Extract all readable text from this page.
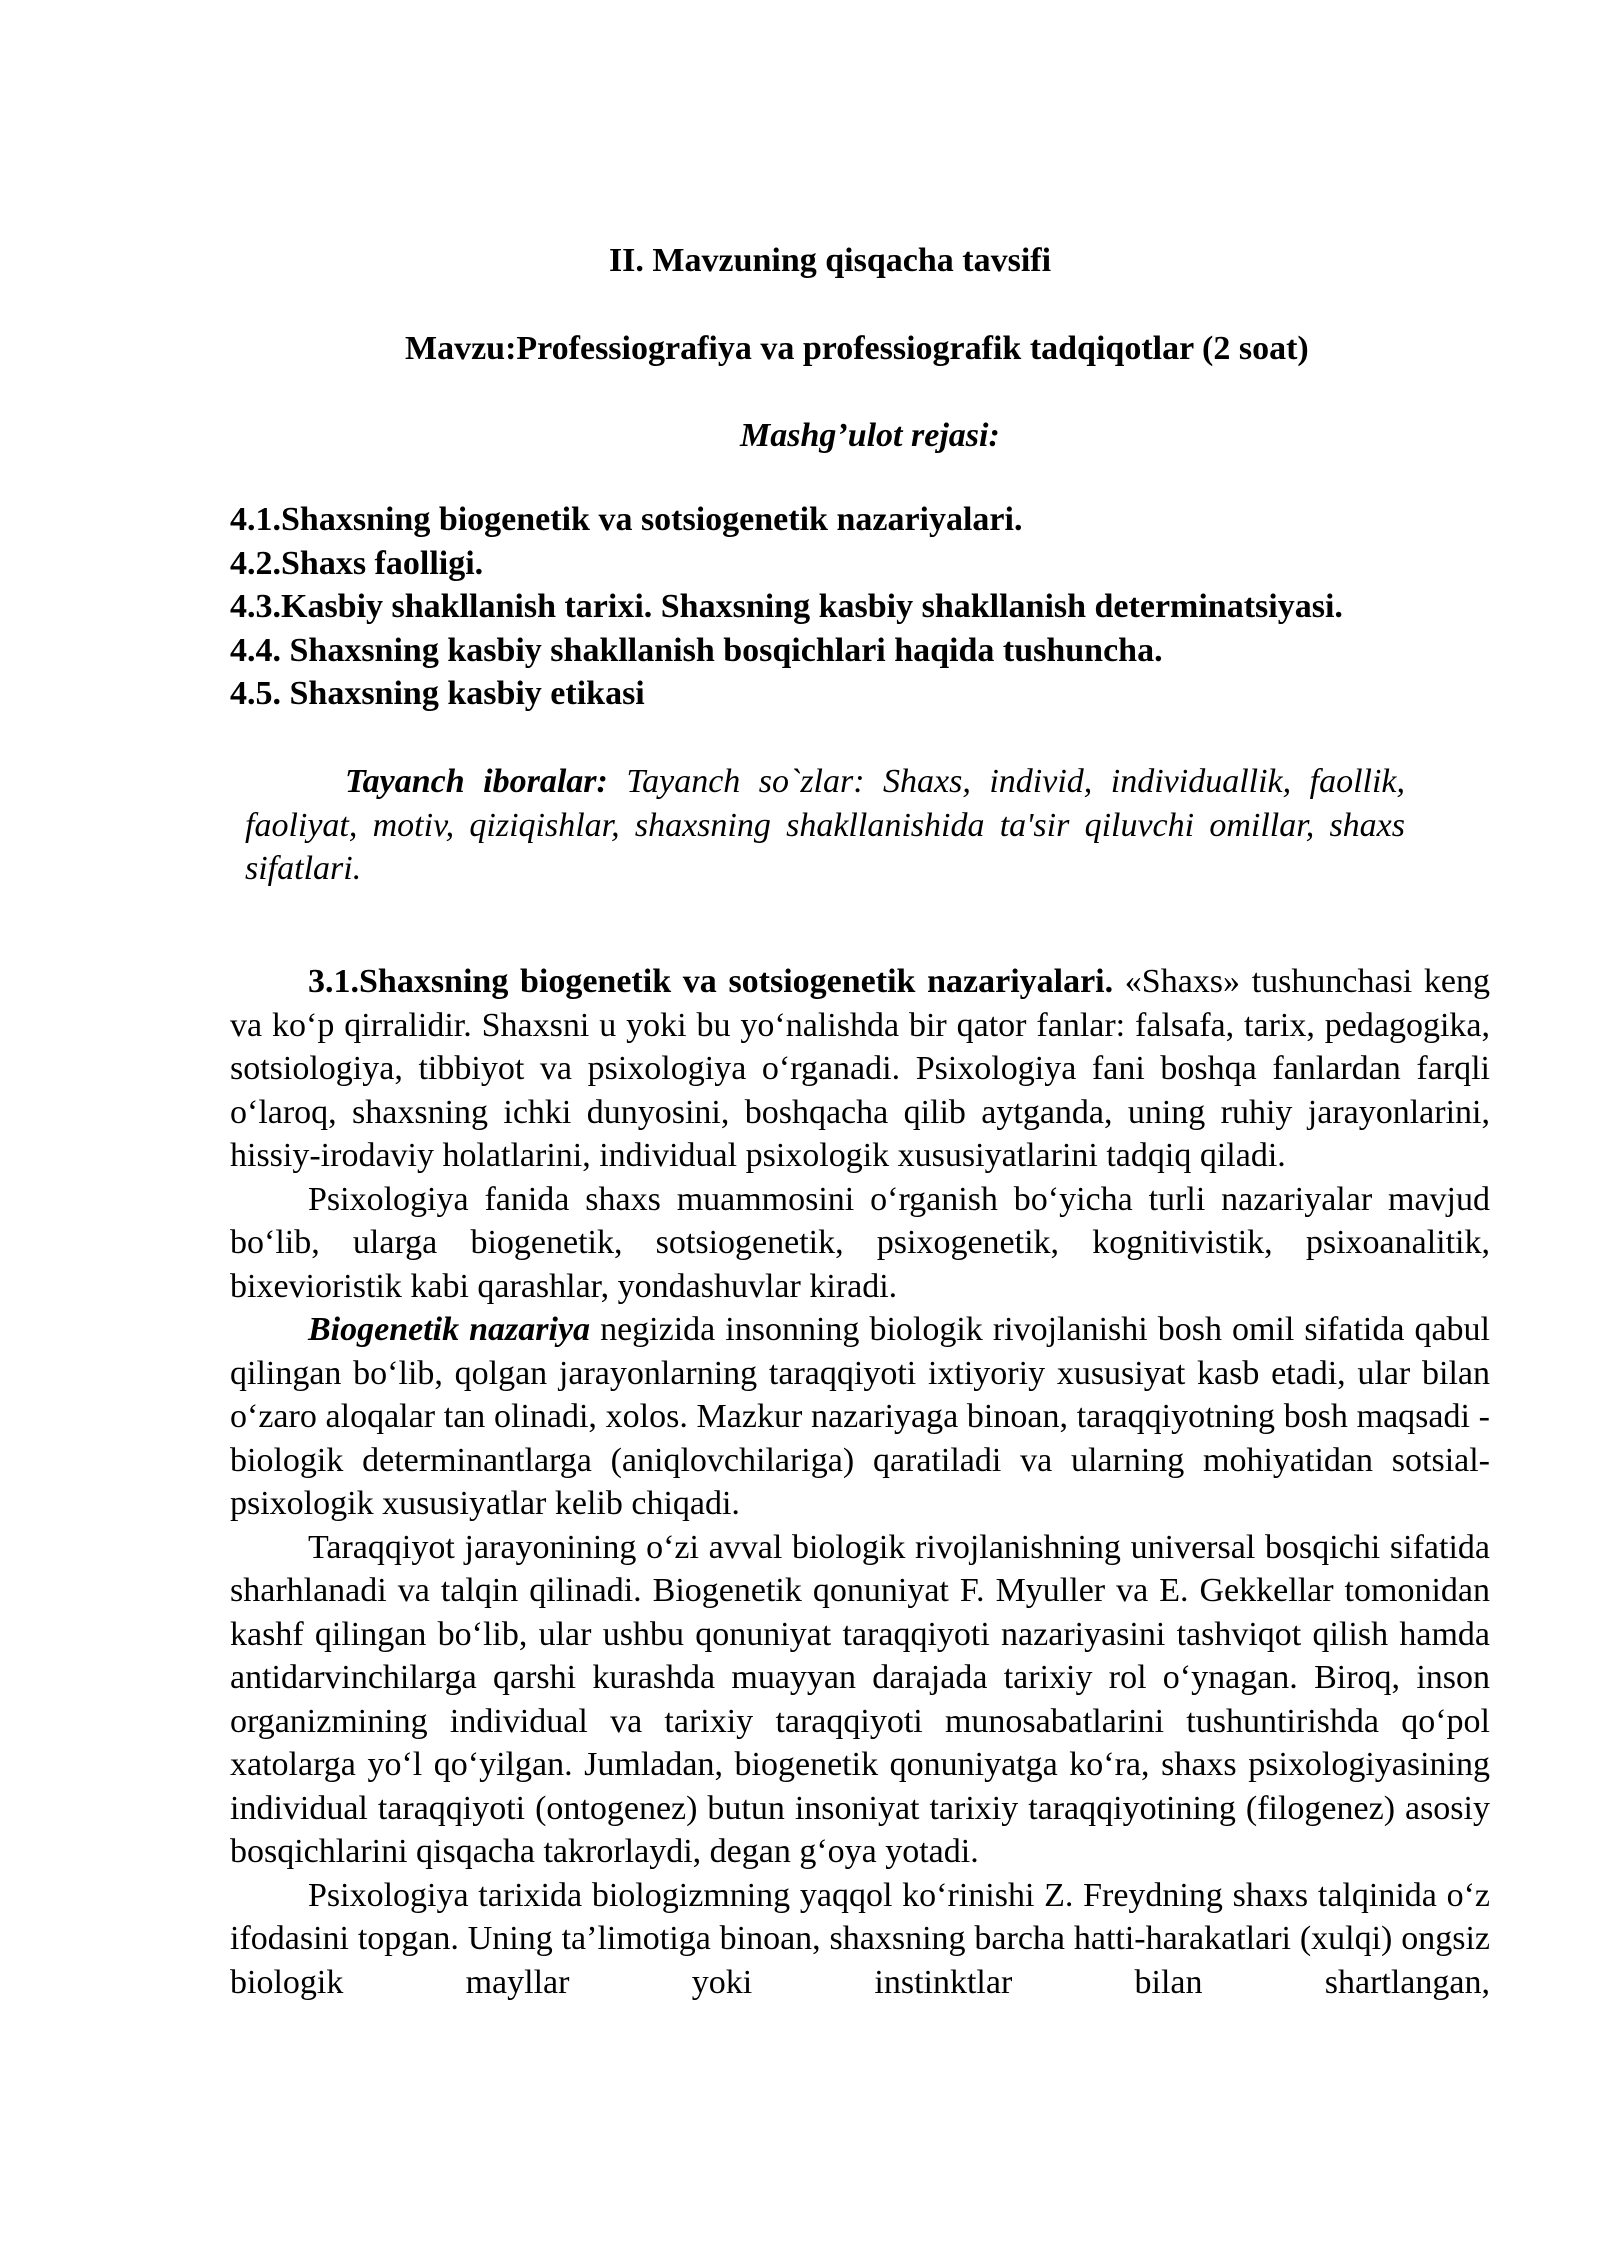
II. Mavzuning qisqacha tavsifi
Mavzu:Professiografiya va professiografik tadqiqotlar (2 soat)
Mashg’ulot rejasi:
4.1.Shaxsning biogenetik va sotsiogenetik nazariyalari.
4.2.Shaxs faolligi.
4.3.Kasbiy shakllanish tarixi. Shaxsning kasbiy shakllanish determinatsiyasi.
4.4. Shaxsning kasbiy shakllanish bosqichlari haqida tushuncha.
4.5. Shaxsning kasbiy etikasi

Tayanch iboralar: Tayanch so`zlar: Shaxs, individ, individuallik, faollik, faoliyat, motiv, qiziqishlar, shaxsning shakllanishida ta'sir qiluvchi omillar, shaxs sifatlari.

3.1.Shaxsning biogenetik va sotsiogenetik nazariyalari. «Shaxs» tushunchasi keng va ko‘p qirralidir. Shaxsni u yoki bu yo‘nalishda bir qator fanlar: falsafa, tarix, pedagogika, sotsiologiya, tibbiyot va psixologiya o‘rganadi. Psixologiya fani boshqa fanlardan farqli o‘laroq, shaxsning ichki dunyosini, boshqacha qilib aytganda, uning ruhiy jarayonlarini, hissiy-irodaviy holatlarini, individual psixologik xususiyatlarini tadqiq qiladi.

Psixologiya fanida shaxs muammosini o‘rganish bo‘yicha turli nazariyalar mavjud bo‘lib, ularga biogenetik, sotsiogenetik, psixogenetik, kognitivistik, psixoanalitik, bixevioristik kabi qarashlar, yondashuvlar kiradi.

Biogenetik nazariya negizida insonning biologik rivojlanishi bosh omil sifatida qabul qilingan bo‘lib, qolgan jarayonlarning taraqqiyoti ixtiyoriy xususiyat kasb etadi, ular bilan o‘zaro aloqalar tan olinadi, xolos. Mazkur nazariyaga binoan, taraqqiyotning bosh maqsadi - biologik determinantlarga (aniqlovchilariga) qaratiladi va ularning mohiyatidan sotsial-psixologik xususiyatlar kelib chiqadi.

Taraqqiyot jarayonining o‘zi avval biologik rivojlanishning universal bosqichi sifatida sharhlanadi va talqin qilinadi. Biogenetik qonuniyat F. Myuller va E. Gekkellar tomonidan kashf qilingan bo‘lib, ular ushbu qonuniyat taraqqiyoti nazariyasini tashviqot qilish hamda antidarvinchilarga qarshi kurashda muayyan darajada tarixiy rol o‘ynagan. Biroq, inson organizmining individual va tarixiy taraqqiyoti munosabatlarini tushuntirishda qo‘pol xatolarga yo‘l qo‘yilgan. Jumladan, biogenetik qonuniyatga ko‘ra, shaxs psixologiyasining individual taraqqiyoti (ontogenez) butun insoniyat tarixiy taraqqiyotining (filogenez) asosiy bosqichlarini qisqacha takrorlaydi, degan g‘oya yotadi.

Psixologiya tarixida biologizmning yaqqol ko‘rinishi Z. Freydning shaxs talqinida o‘z ifodasini topgan. Uning ta’limotiga binoan, shaxsning barcha hatti-harakatlari (xulqi) ongsiz biologik mayllar yoki instinktlar bilan shartlangan,
